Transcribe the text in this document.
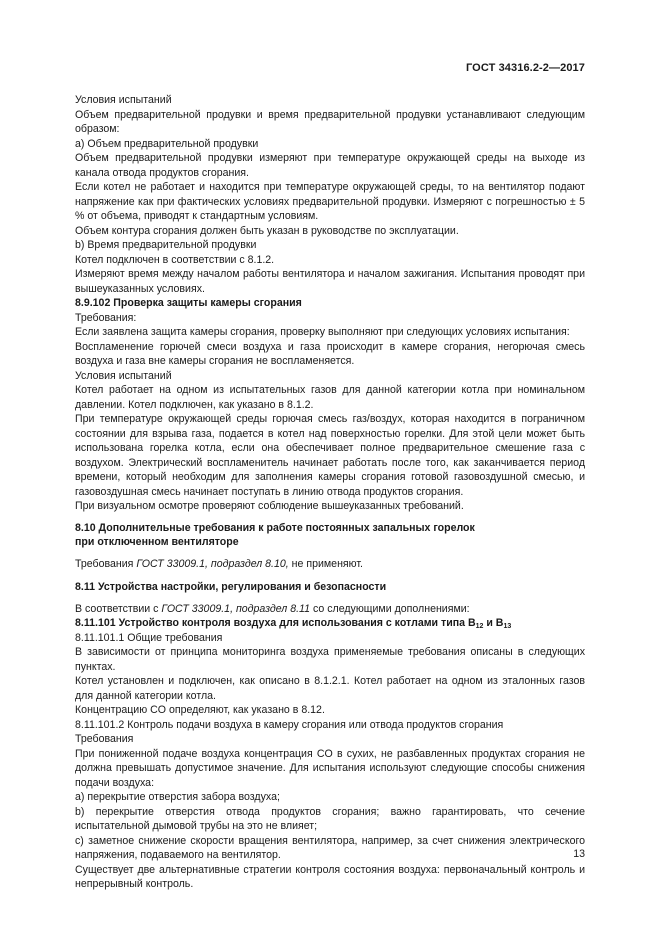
ГОСТ 34316.2-2—2017

Условия испытаний

Объем предварительной продувки и время предварительной продувки устанавливают следующим образом:

а) Объем предварительной продувки

Объем предварительной продувки измеряют при температуре окружающей среды на выходе из канала отвода продуктов сгорания.

Если котел не работает и находится при температуре окружающей среды, то на вентилятор подают напряжение как при фактических условиях предварительной продувки. Измеряют с погрешностью ± 5 % от объема, приводят к стандартным условиям.

Объем контура сгорания должен быть указан в руководстве по эксплуатации.

b) Время предварительной продувки

Котел подключен в соответствии с 8.1.2.

Измеряют время между началом работы вентилятора и началом зажигания. Испытания проводят при вышеуказанных условиях.

8.9.102 Проверка защиты камеры сгорания

Требования:

Если заявлена защита камеры сгорания, проверку выполняют при следующих условиях испытания:

Воспламенение горючей смеси воздуха и газа происходит в камере сгорания, негорючая смесь воздуха и газа вне камеры сгорания не воспламеняется.

Условия испытаний

Котел работает на одном из испытательных газов для данной категории котла при номинальном давлении. Котел подключен, как указано в 8.1.2.

При температуре окружающей среды горючая смесь газ/воздух, которая находится в пограничном состоянии для взрыва газа, подается в котел над поверхностью горелки. Для этой цели может быть использована горелка котла, если она обеспечивает полное предварительное смешение газа с воздухом. Электрический воспламенитель начинает работать после того, как заканчивается период времени, который необходим для заполнения камеры сгорания готовой газовоздушной смесью, и газовоздушная смесь начинает поступать в линию отвода продуктов сгорания.

При визуальном осмотре проверяют соблюдение вышеуказанных требований.

8.10 Дополнительные требования к работе постоянных запальных горелок
при отключенном вентиляторе

Требования ГОСТ 33009.1, подраздел 8.10, не применяют.

8.11 Устройства настройки, регулирования и безопасности

В соответствии с ГОСТ 33009.1, подраздел 8.11 со следующими дополнениями:

8.11.101 Устройство контроля воздуха для использования с котлами типа $B_{12}$ и $B_{13}$

8.11.101.1 Общие требования

В зависимости от принципа мониторинга воздуха применяемые требования описаны в следующих пунктах.

Котел установлен и подключен, как описано в 8.1.2.1. Котел работает на одном из эталонных газов для данной категории котла.

Концентрацию CO определяют, как указано в 8.12.

8.11.101.2 Контроль подачи воздуха в камеру сгорания или отвода продуктов сгорания

Требования

При пониженной подаче воздуха концентрация CO в сухих, не разбавленных продуктах сгорания не должна превышать допустимое значение. Для испытания используют следующие способы снижения подачи воздуха:

а) перекрытие отверстия забора воздуха;

b) перекрытие отверстия отвода продуктов сгорания; важно гарантировать, что сечение испытательной дымовой трубы на это не влияет;

с) заметное снижение скорости вращения вентилятора, например, за счет снижения электрического напряжения, подаваемого на вентилятор.

Существует две альтернативные стратегии контроля состояния воздуха: первоначальный контроль и непрерывный контроль.

13
